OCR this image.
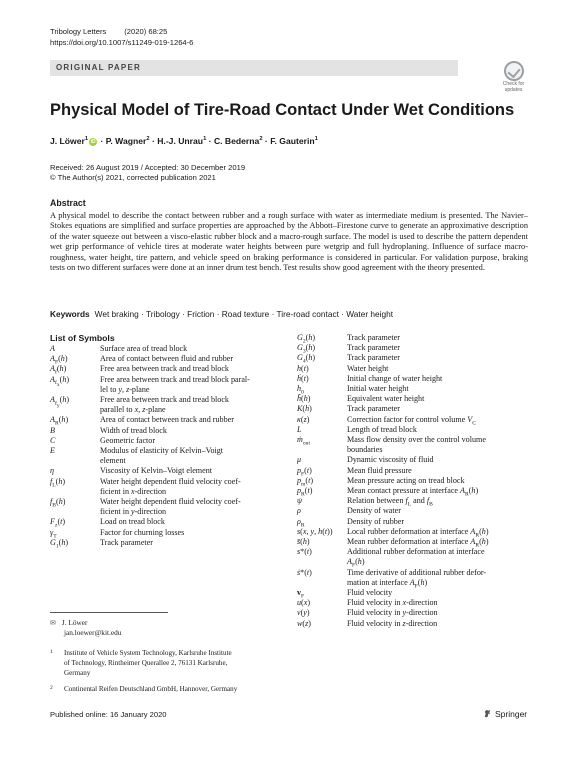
Tribology Letters (2020) 68:25
https://doi.org/10.1007/s11249-019-1264-6
ORIGINAL PAPER
Check for
updates
Physical Model of Tire-Road Contact Under Wet Conditions
J. Löwer$^1$ iD · P. Wagner$^2$ · H.-J. Unrau$^1$ · C. Bederna$^2$ · F. Gauterin$^1$
Received: 26 August 2019 / Accepted: 30 December 2019
© The Author(s) 2021, corrected publication 2021
Abstract
A physical model to describe the contact between rubber and a rough surface with water as intermediate medium is presented. The Navier–Stokes equations are simplified and surface properties are approached by the Abbott–Firestone curve to generate an approximative description of the water squeeze out between a visco-elastic rubber block and a macro-rough surface. The model is used to describe the pattern dependent wet grip performance of vehicle tires at moderate water heights between pure wetgrip and full hydroplaning. Influence of surface macro-roughness, water height, tire pattern, and vehicle speed on braking performance is considered in particular. For validation purpose, braking tests on two different surfaces were done at an inner drum test bench. Test results show good agreement with the theory presented.
Keywords Wet braking · Tribology · Friction · Road texture · Tire-road contact · Water height
List of Symbols
A	Surface area of tread block
$A_F(h)$	Area of contact between fluid and rubber
$A_f(h)$	Free area between track and tread block
$A_{f_x}(h)$	Free area between track and tread block paral-
lel to y, z-plane
$A_{f_y}(h)$	Free area between track and tread block
parallel to x, z-plane
$A_R(h)$	Area of contact between track and rubber
B	Width of tread block
C	Geometric factor
E	Modulus of elasticity of Kelvin–Voigt
element
η	Viscosity of Kelvin–Voigt element
$f_L(h)$	Water height dependent fluid velocity coef-
ficient in x-direction
$f_B(h)$	Water height dependent fluid velocity coef-
ficient in y-direction
$F_z(t)$	Load on tread block
$\gamma_T$	Factor for churning losses
$G_1(h)$	Track parameter
$G_2(h)$	Track parameter
$G_3(h)$	Track parameter
$G_4(h)$	Track parameter
h(t)	Water height
ḣ(t)	Initial change of water height
$h_0$	Initial water height
h̃(h)	Equivalent water height
K(h)	Track parameter
κ(z)	Correction factor for control volume $V_C$
L	Length of tread block
ṁ$_{out}$	Mass flow density over the control volume
boundaries
μ	Dynamic viscosity of fluid
$p_F(t)$	Mean fluid pressure
$p_m(t)$	Mean pressure acting on tread block
$p_R(t)$	Mean contact pressure at interface $A_R(h)$
ψ	Relation between $f_L$ and $f_B$
ρ	Density of water
$\rho_R$	Density of rubber
s(x, y, h(t)) Local rubber deformation at interface $A_R(h)$
s̄(h)	Mean rubber deformation at interface $A_R(h)$
s*(t)	Additional rubber deformation at interface
$A_F(h)$
ṡ*(t)	Time derivative of additional rubber defor-
mation at interface $A_F(h)$
$v_F$	Fluid velocity
u(x)	Fluid velocity in x-direction
v(y)	Fluid velocity in y-direction
w(z)	Fluid velocity in z-direction
✉ J. Löwer
jan.loewer@kit.edu
1 Institute of Vehicle System Technology, Karlsruhe Institute
of Technology, Rintheimer Querallee 2, 76131 Karlsruhe,
Germany
2 Continental Reifen Deutschland GmbH, Hannover, Germany
Published online: 16 January 2020	Springer
